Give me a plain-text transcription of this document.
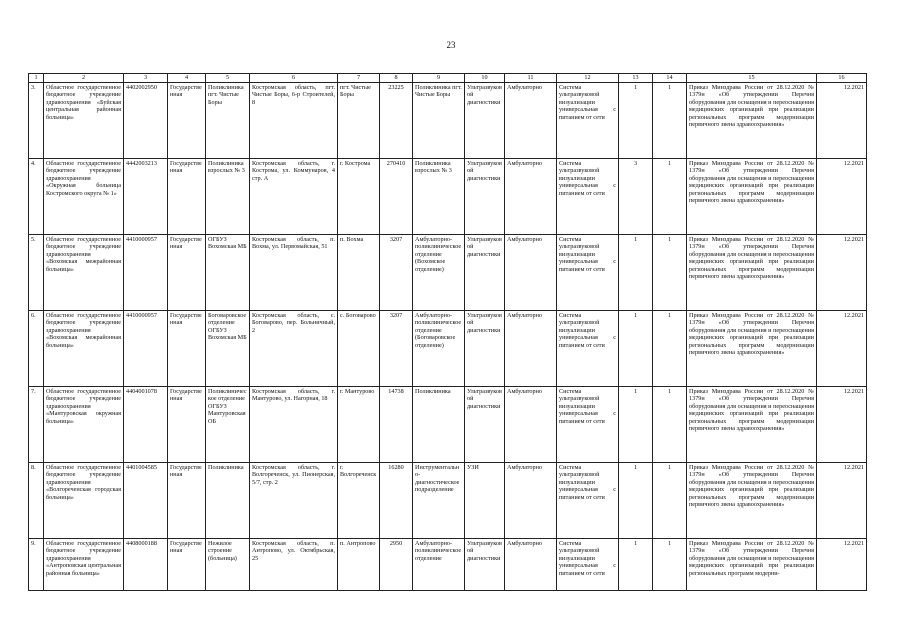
23
1	2	3	4	5	6	7	8	9	10	11	12	13	14	15	16
3.	Областное государственное бюджетное учреждение здравоохранения «Буйская центральная районная больница»	4402002950	Государственная	Поликлиника пгт. Чистые Боры	Костромская область, пгт. Чистые Боры, 6-р Строителей, 8	пгт. Чистые Боры	23225	Поликлиника пгт. Чистые Боры	Ультразвуковой диагностики	Амбулаторно	Система ультразвуковой визуализации универсальная с питанием от сети	1	1	Приказ Минздрава России от 28.12.2020 № 1379н «Об утверждении Перечня оборудования для оснащения и переоснащения медицинских организаций при реализации региональных программ модернизации первичного звена здравоохранения»	12.2021
4.	Областное государственное бюджетное учреждение здравоохранения «Окружная больница Костромского округа № 1»	4442003213	Государственная	Поликлиника взрослых № 3	Костромская область, г. Кострома, ул. Коммунаров, 4 стр. А	г. Кострома	270410	Поликлиника взрослых № 3	Ультразвуковой диагностики	Амбулаторно	Система ультразвуковой визуализации универсальная с питанием от сети	3	1	Приказ Минздрава России от 28.12.2020 № 1379н «Об утверждении Перечня оборудования для оснащения и переоснащения медицинских организаций при реализации региональных программ модернизации первичного звена здравоохранения»	12.2021
5.	Областное государственное бюджетное учреждение здравоохранения «Вохомская межрайонная больница»	4410000957	Государственная	ОГБУЗ Вохомская МБ	Костромская область, п. Вохма, ул. Первомайская, 51	п. Вохма	3207	Амбулаторно-поликлиническое отделение (Вохомское отделение)	Ультразвуковой диагностики	Амбулаторно	Система ультразвуковой визуализации универсальная с питанием от сети	1	1	Приказ Минздрава России от 28.12.2020 № 1379н «Об утверждении Перечня оборудования для оснащения и переоснащения медицинских организаций при реализации региональных программ модернизации первичного звена здравоохранения»	12.2021
6.	Областное государственное бюджетное учреждение здравоохранения «Вохомская межрайонная больница»	4410000957	Государственная	Боговаровское отделение ОГБУЗ Вохомская МБ	Костромская область, с. Боговарово, пер. Больничный, 2	с. Боговарово	3207	Амбулаторно-поликлиническое отделение (Боговаровское отделение)	Ультразвуковой диагностики	Амбулаторно	Система ультразвуковой визуализации универсальная с питанием от сети	1	1	Приказ Минздрава России от 28.12.2020 № 1379н «Об утверждении Перечня оборудования для оснащения и переоснащения медицинских организаций при реализации региональных программ модернизации первичного звена здравоохранения»	12.2021
7.	Областное государственное бюджетное учреждение здравоохранения «Мантуровская окружная больница»	4404001078	Государственная	Поликлиническое отделение ОГБУЗ Мантуровская ОБ	Костромская область, г. Мантурово, ул. Нагорная, 18	г. Мантурово	14738	Поликлиника	Ультразвуковой диагностики	Амбулаторно	Система ультразвуковой визуализации универсальная с питанием от сети	1	1	Приказ Минздрава России от 28.12.2020 № 1379н «Об утверждении Перечня оборудования для оснащения и переоснащения медицинских организаций при реализации региональных программ модернизации первичного звена здравоохранения»	12.2021
8.	Областное государственное бюджетное учреждение здравоохранения «Волгореченская городская больница»	4401004585	Государственная	Поликлиника	Костромская область, г. Волгореченск, ул. Пионерская, 5/7, стр. 2	г. Волгореченск	16280	Инструментально-диагностическое подразделение	УЗИ	Амбулаторно	Система ультразвуковой визуализации универсальная с питанием от сети	1	1	Приказ Минздрава России от 28.12.2020 № 1379н «Об утверждении Перечня оборудования для оснащения и переоснащения медицинских организаций при реализации региональных программ модернизации первичного звена здравоохранения»	12.2021
9.	Областное государственное бюджетное учреждение здравоохранения «Антроповская центральная районная больница»	4408000188	Государственная	Нежилое строение (больница)	Костромская область, п. Антропово, ул. Октябрьская, 25	п. Антропово	2950	Амбулаторно-поликлиническое отделение	Ультразвуковой диагностики	Амбулаторно	Система ультразвуковой визуализации универсальная с питанием от сети	1	1	Приказ Минздрава России от 28.12.2020 № 1379н «Об утверждении Перечня оборудования для оснащения и переоснащения медицинских организаций при реализации региональных программ модерни-	12.2021
